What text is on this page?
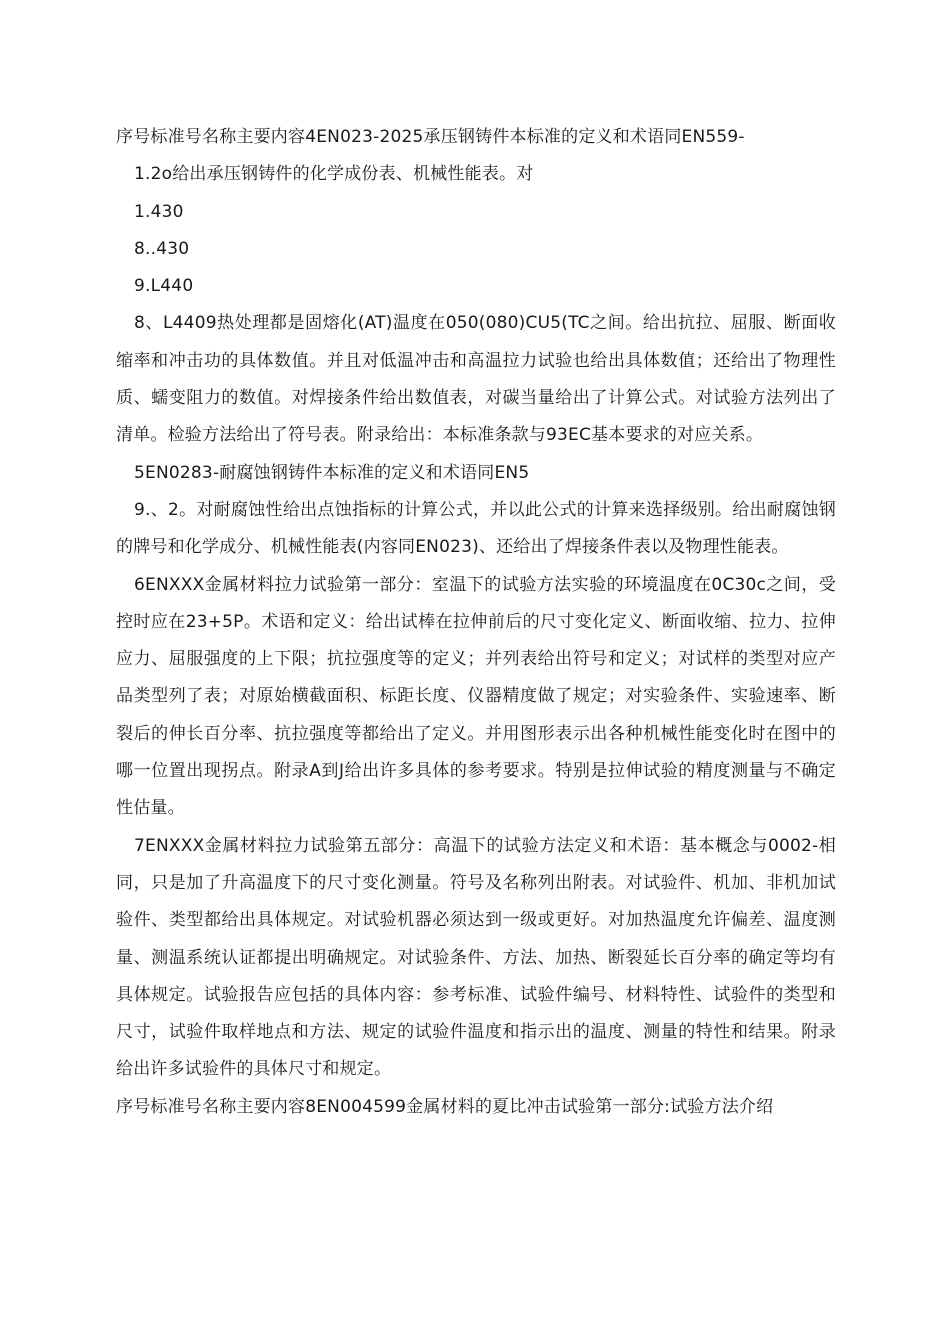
序号标准号名称主要内容4EN023-2025承压钢铸件本标准的定义和术语同EN559-

1.2o给出承压钢铸件的化学成份表、机械性能表。对

1.430

8..430

9.L440

8、L4409热处理都是固熔化(AT)温度在050(080)CU5(TC之间。给出抗拉、屈服、断面收缩率和冲击功的具体数值。并且对低温冲击和高温拉力试验也给出具体数值；还给出了物理性质、蠕变阻力的数值。对焊接条件给出数值表，对碳当量给出了计算公式。对试验方法列出了清单。检验方法给出了符号表。附录给出：本标准条款与93EC基本要求的对应关系。

5EN0283-耐腐蚀钢铸件本标准的定义和术语同EN5

9.、2。对耐腐蚀性给出点蚀指标的计算公式，并以此公式的计算来选择级别。给出耐腐蚀钢的牌号和化学成分、机械性能表(内容同EN023)、还给出了焊接条件表以及物理性能表。

6ENXXX金属材料拉力试验第一部分：室温下的试验方法实验的环境温度在0C30c之间，受控时应在23+5P。术语和定义：给出试棒在拉伸前后的尺寸变化定义、断面收缩、拉力、拉伸应力、屈服强度的上下限；抗拉强度等的定义；并列表给出符号和定义；对试样的类型对应产品类型列了表；对原始横截面积、标距长度、仪器精度做了规定；对实验条件、实验速率、断裂后的伸长百分率、抗拉强度等都给出了定义。并用图形表示出各种机械性能变化时在图中的哪一位置出现拐点。附录A到J给出许多具体的参考要求。特别是拉伸试验的精度测量与不确定性估量。

7ENXXX金属材料拉力试验第五部分：高温下的试验方法定义和术语：基本概念与0002-相同，只是加了升高温度下的尺寸变化测量。符号及名称列出附表。对试验件、机加、非机加试验件、类型都给出具体规定。对试验机器必须达到一级或更好。对加热温度允许偏差、温度测量、测温系统认证都提出明确规定。对试验条件、方法、加热、断裂延长百分率的确定等均有具体规定。试验报告应包括的具体内容：参考标准、试验件编号、材料特性、试验件的类型和尺寸，试验件取样地点和方法、规定的试验件温度和指示出的温度、测量的特性和结果。附录给出许多试验件的具体尺寸和规定。

序号标准号名称主要内容8EN004599金属材料的夏比冲击试验第一部分:试验方法介绍
